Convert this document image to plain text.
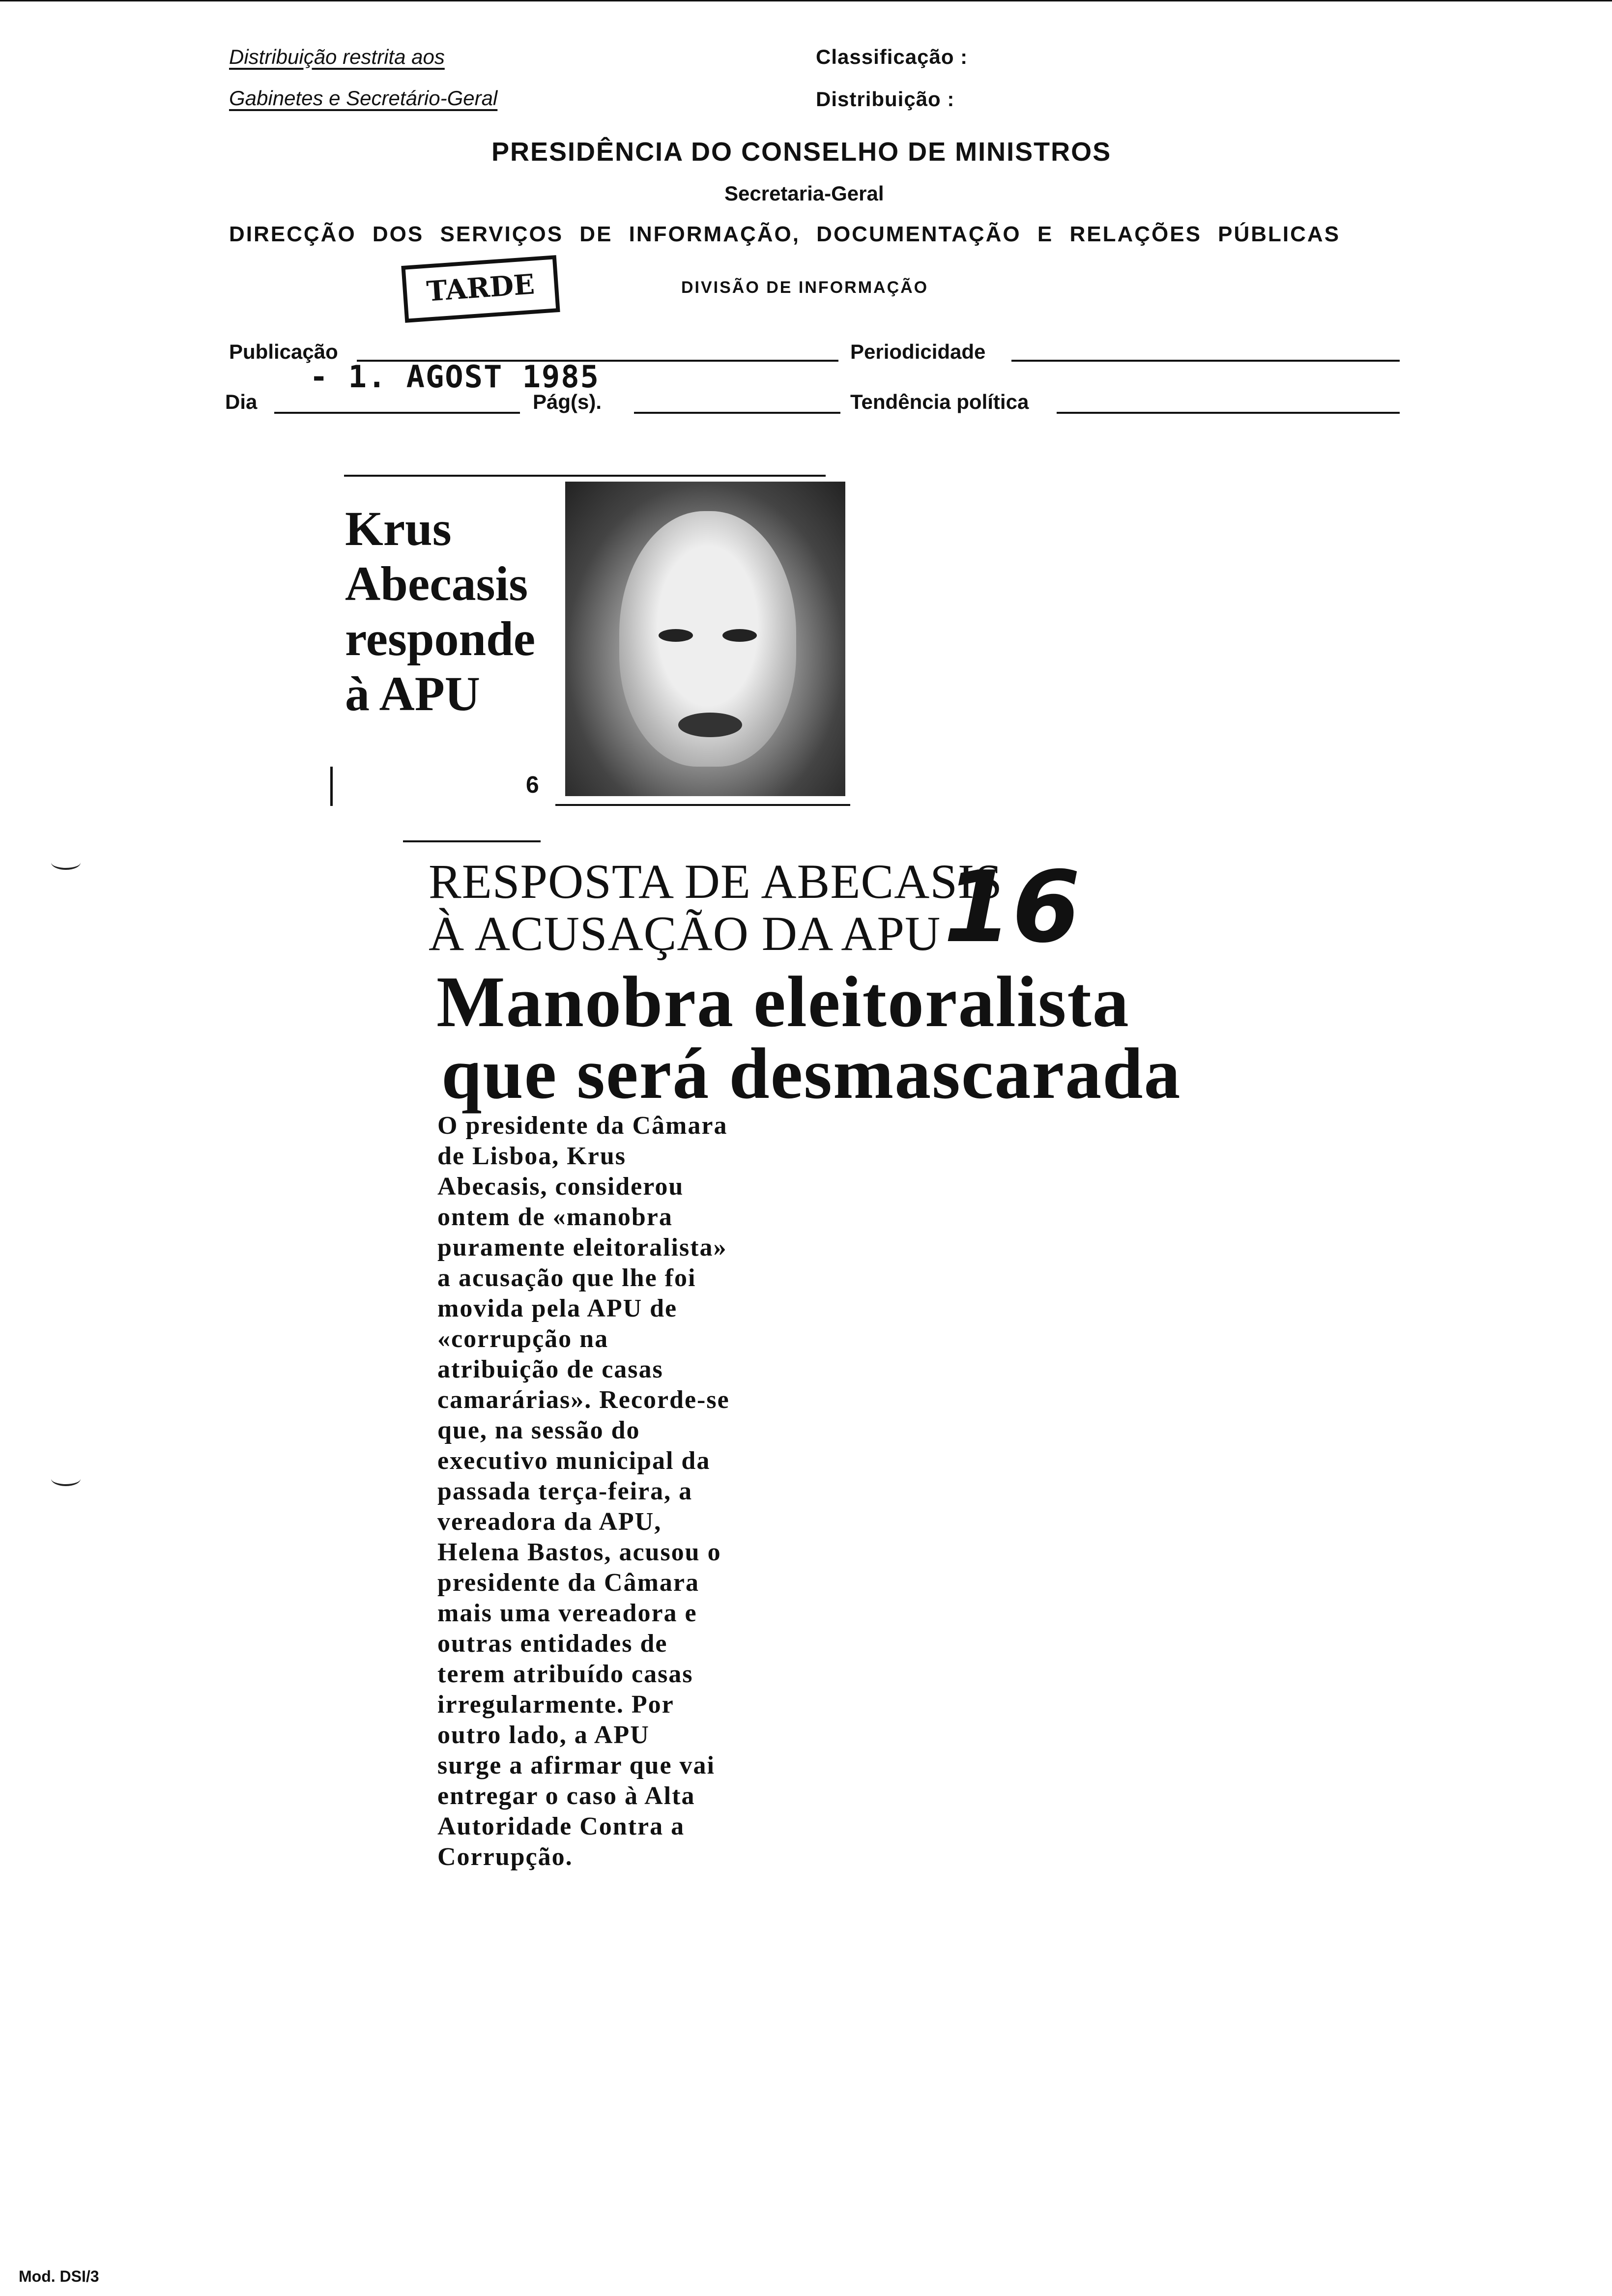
Distribuição restrita aos
Gabinetes e Secretário-Geral
Classificação :
Distribuição :
PRESIDÊNCIA DO CONSELHO DE MINISTROS
Secretaria-Geral
DIRECÇÃO DOS SERVIÇOS DE INFORMAÇÃO, DOCUMENTAÇÃO E RELAÇÕES PÚBLICAS
DIVISÃO DE INFORMAÇÃO
TARDE
Publicação	Periodicidade
- 1. AGOST 1985
Dia	Pág(s).	Tendência política
Krus
Abecasis
responde
à APU
6
RESPOSTA DE ABECASIS
À ACUSAÇÃO DA APU 16
Manobra eleitoralista
que será desmascarada
O presidente da Câmara
de Lisboa, Krus
Abecasis, considerou
ontem de «manobra
puramente eleitoralista»
a acusação que lhe foi
movida pela APU de
«corrupção na
atribuição de casas
camarárias». Recorde-se
que, na sessão do
executivo municipal da
passada terça-feira, a
vereadora da APU,
Helena Bastos, acusou o
presidente da Câmara
mais uma vereadora e
outras entidades de
terem atribuído casas
irregularmente. Por
outro lado, a APU
surge a afirmar que vai
entregar o caso à Alta
Autoridade Contra a
Corrupção.
Mod. DSI/3
